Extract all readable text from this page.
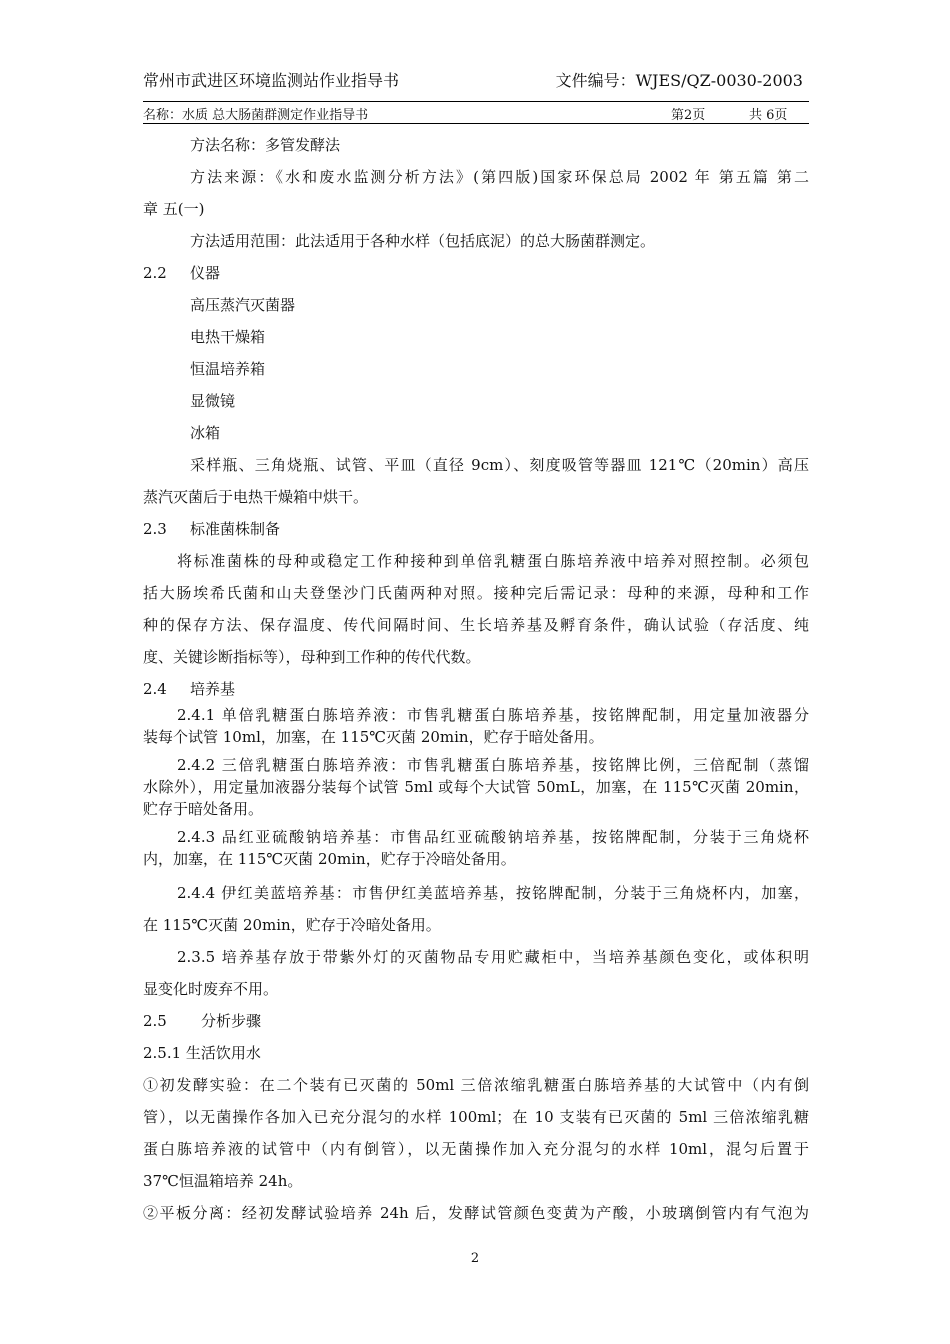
常州市武进区环境监测站作业指导书	文件编号：WJES/QZ-0030-2003
名称：水质 总大肠菌群测定作业指导书	第2页	共 6页
方法名称：多管发酵法
方法来源：《水和废水监测分析方法》(第四版)国家环保总局 2002 年 第五篇 第二
章 五(一)
方法适用范围：此法适用于各种水样（包括底泥）的总大肠菌群测定。
2.2 仪器
高压蒸汽灭菌器
电热干燥箱
恒温培养箱
显微镜
冰箱
采样瓶、三角烧瓶、试管、平皿（直径 9cm）、刻度吸管等器皿 121℃（20min）高压
蒸汽灭菌后于电热干燥箱中烘干。
2.3 标准菌株制备
将标准菌株的母种或稳定工作种接种到单倍乳糖蛋白胨培养液中培养对照控制。必须包
括大肠埃希氏菌和山夫登堡沙门氏菌两种对照。接种完后需记录：母种的来源，母种和工作
种的保存方法、保存温度、传代间隔时间、生长培养基及孵育条件，确认试验（存活度、纯
度、关键诊断指标等），母种到工作种的传代代数。
2.4 培养基
2.4.1 单倍乳糖蛋白胨培养液：市售乳糖蛋白胨培养基，按铭牌配制，用定量加液器分
装每个试管 10ml，加塞，在 115℃灭菌 20min，贮存于暗处备用。
2.4.2 三倍乳糖蛋白胨培养液：市售乳糖蛋白胨培养基，按铭牌比例，三倍配制（蒸馏
水除外），用定量加液器分装每个试管 5ml 或每个大试管 50mL，加塞，在 115℃灭菌 20min，
贮存于暗处备用。
2.4.3 品红亚硫酸钠培养基：市售品红亚硫酸钠培养基，按铭牌配制，分装于三角烧杯
内，加塞，在 115℃灭菌 20min，贮存于冷暗处备用。
2.4.4 伊红美蓝培养基：市售伊红美蓝培养基，按铭牌配制，分装于三角烧杯内，加塞，
在 115℃灭菌 20min，贮存于冷暗处备用。
2.3.5 培养基存放于带紫外灯的灭菌物品专用贮藏柜中，当培养基颜色变化，或体积明
显变化时废弃不用。
2.5 分析步骤
2.5.1 生活饮用水
①初发酵实验：在二个装有已灭菌的 50ml 三倍浓缩乳糖蛋白胨培养基的大试管中（内有倒
管），以无菌操作各加入已充分混匀的水样 100ml；在 10 支装有已灭菌的 5ml 三倍浓缩乳糖
蛋白胨培养液的试管中（内有倒管），以无菌操作加入充分混匀的水样 10ml，混匀后置于
37℃恒温箱培养 24h。
②平板分离：经初发酵试验培养 24h 后，发酵试管颜色变黄为产酸，小玻璃倒管内有气泡为
2
